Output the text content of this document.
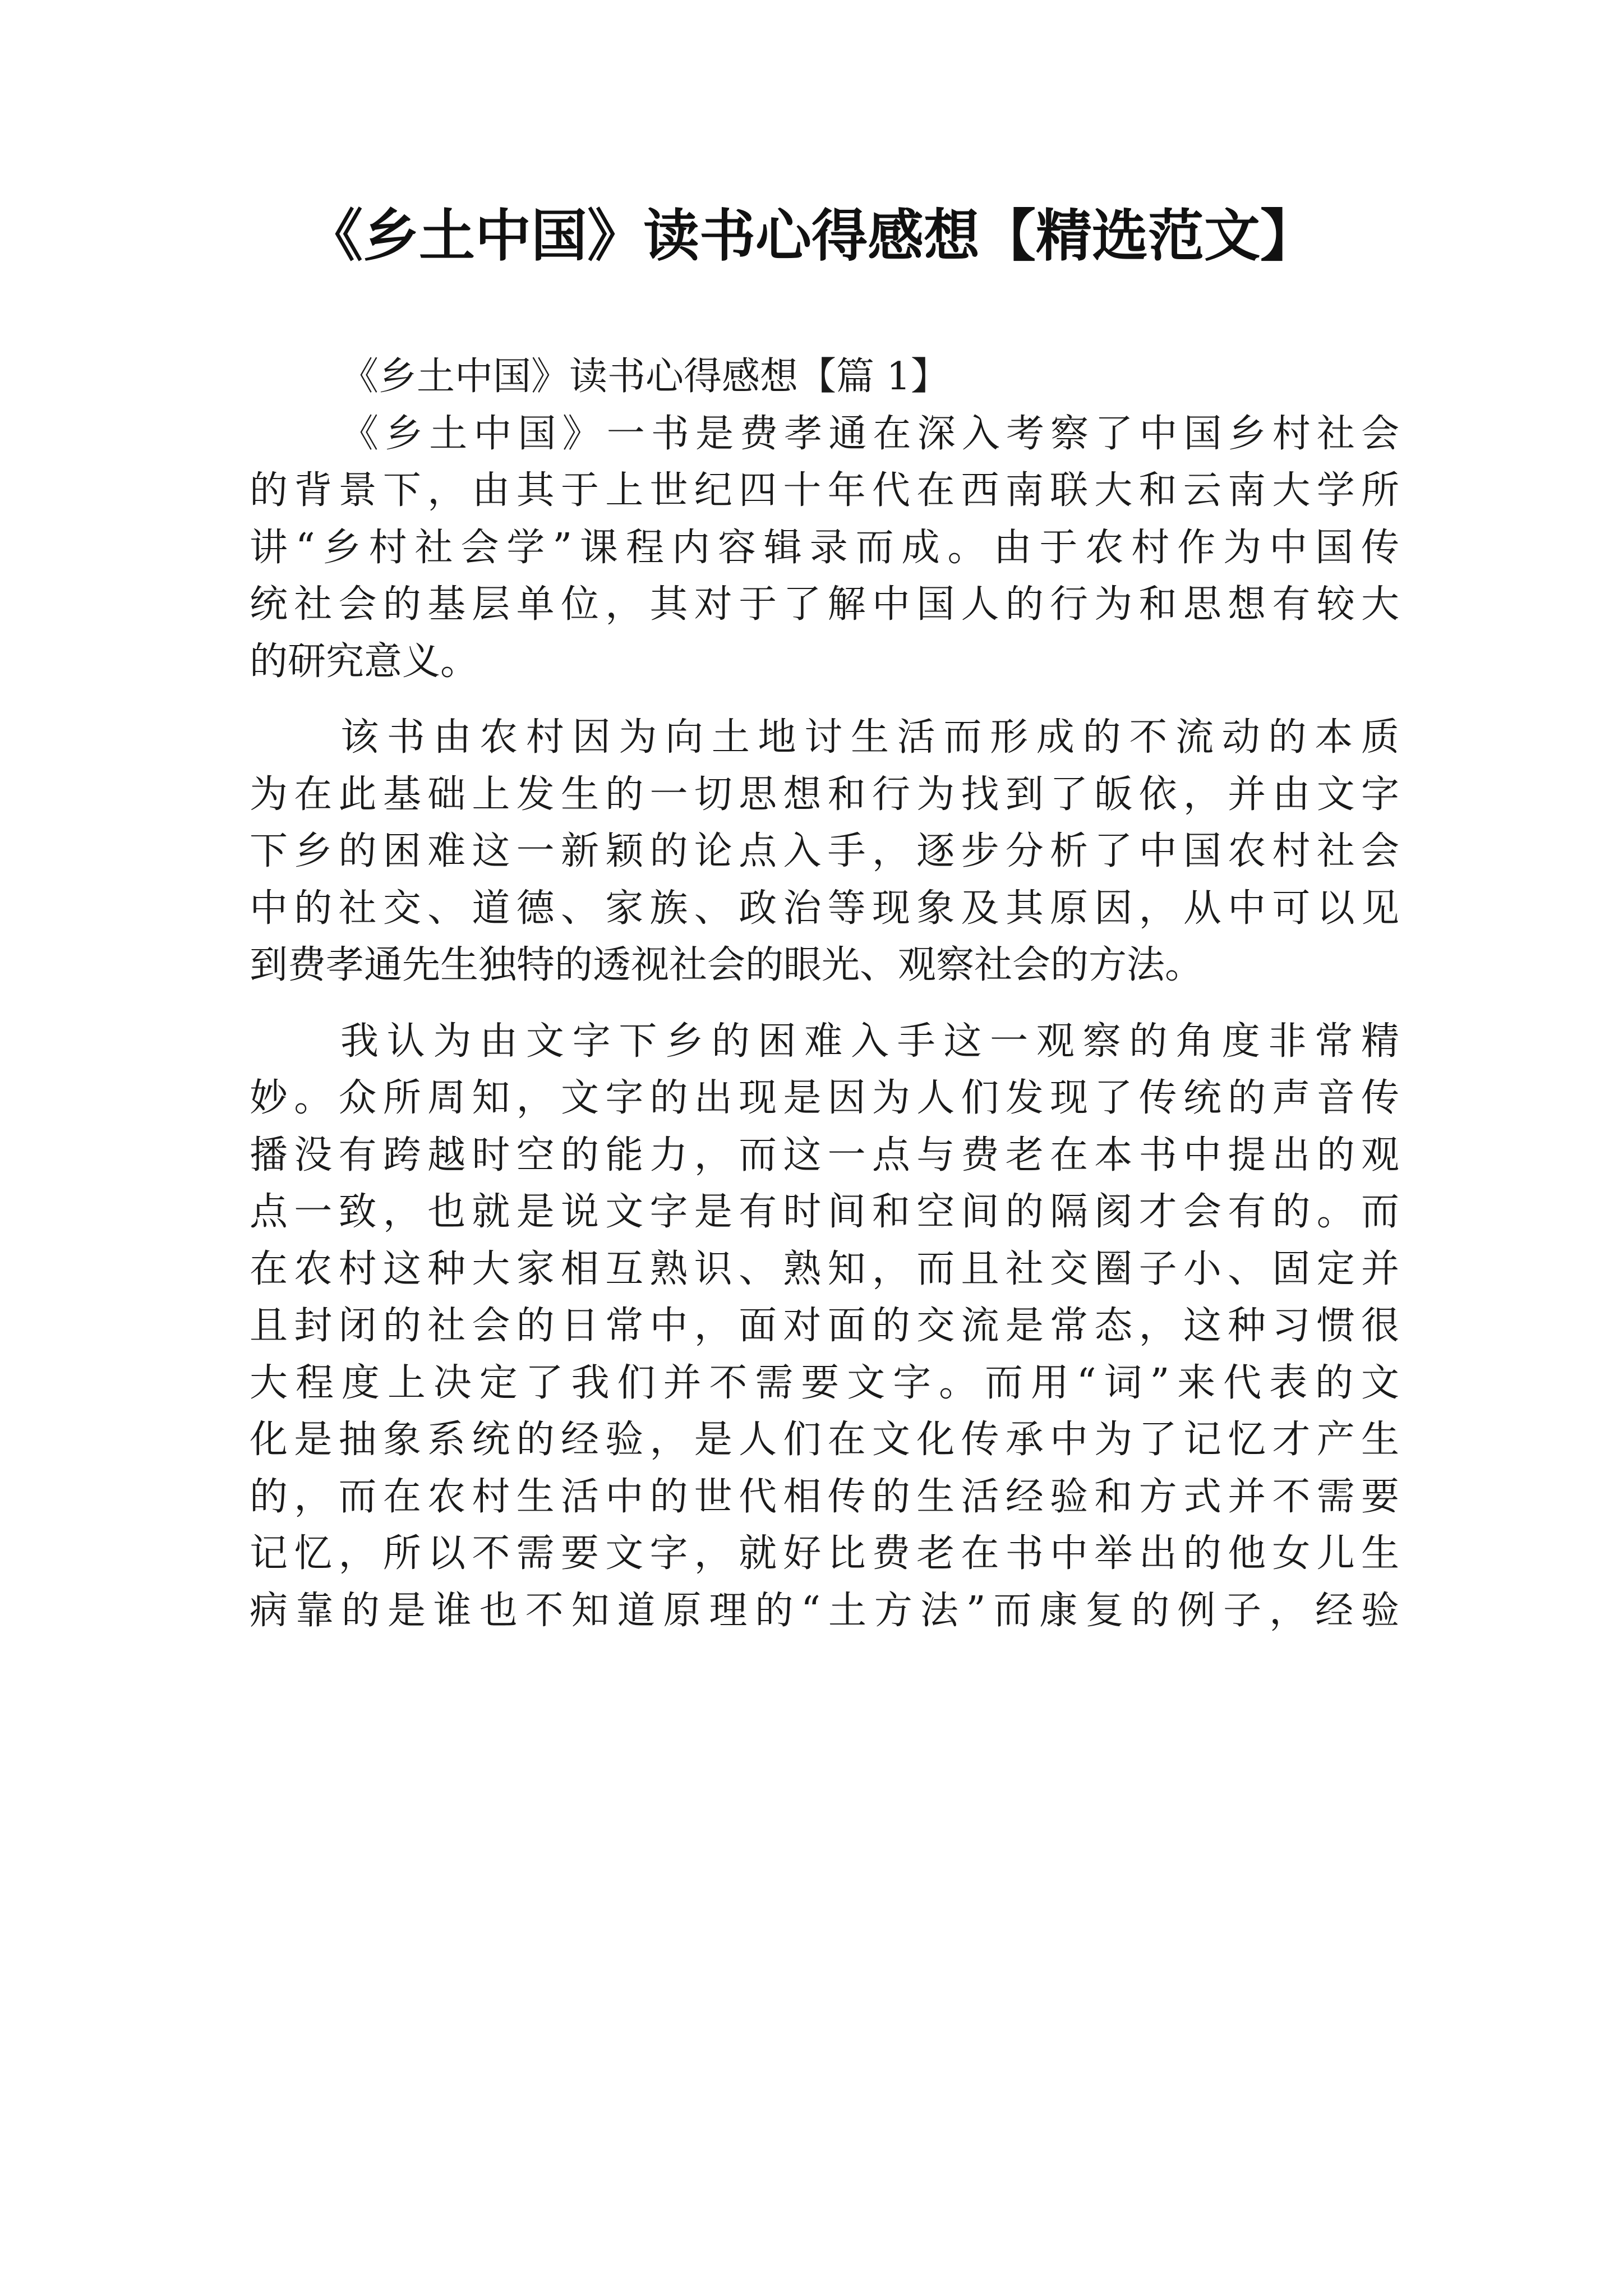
《乡土中国》读书心得感想【精选范文】
《乡土中国》读书心得感想【篇 1】
《乡土中国》一书是费孝通在深入考察了中国乡村社会
的背景下，由其于上世纪四十年代在西南联大和云南大学所
讲“乡村社会学”课程内容辑录而成。由于农村作为中国传
统社会的基层单位，其对于了解中国人的行为和思想有较大
的研究意义。
该书由农村因为向土地讨生活而形成的不流动的本质
为在此基础上发生的一切思想和行为找到了皈依，并由文字
下乡的困难这一新颖的论点入手，逐步分析了中国农村社会
中的社交、道德、家族、政治等现象及其原因，从中可以见
到费孝通先生独特的透视社会的眼光、观察社会的方法。
我认为由文字下乡的困难入手这一观察的角度非常精
妙。众所周知，文字的出现是因为人们发现了传统的声音传
播没有跨越时空的能力，而这一点与费老在本书中提出的观
点一致，也就是说文字是有时间和空间的隔阂才会有的。而
在农村这种大家相互熟识、熟知，而且社交圈子小、固定并
且封闭的社会的日常中，面对面的交流是常态，这种习惯很
大程度上决定了我们并不需要文字。而用“词”来代表的文
化是抽象系统的经验，是人们在文化传承中为了记忆才产生
的，而在农村生活中的世代相传的生活经验和方式并不需要
记忆，所以不需要文字，就好比费老在书中举出的他女儿生
病靠的是谁也不知道原理的“土方法”而康复的例子，经验
